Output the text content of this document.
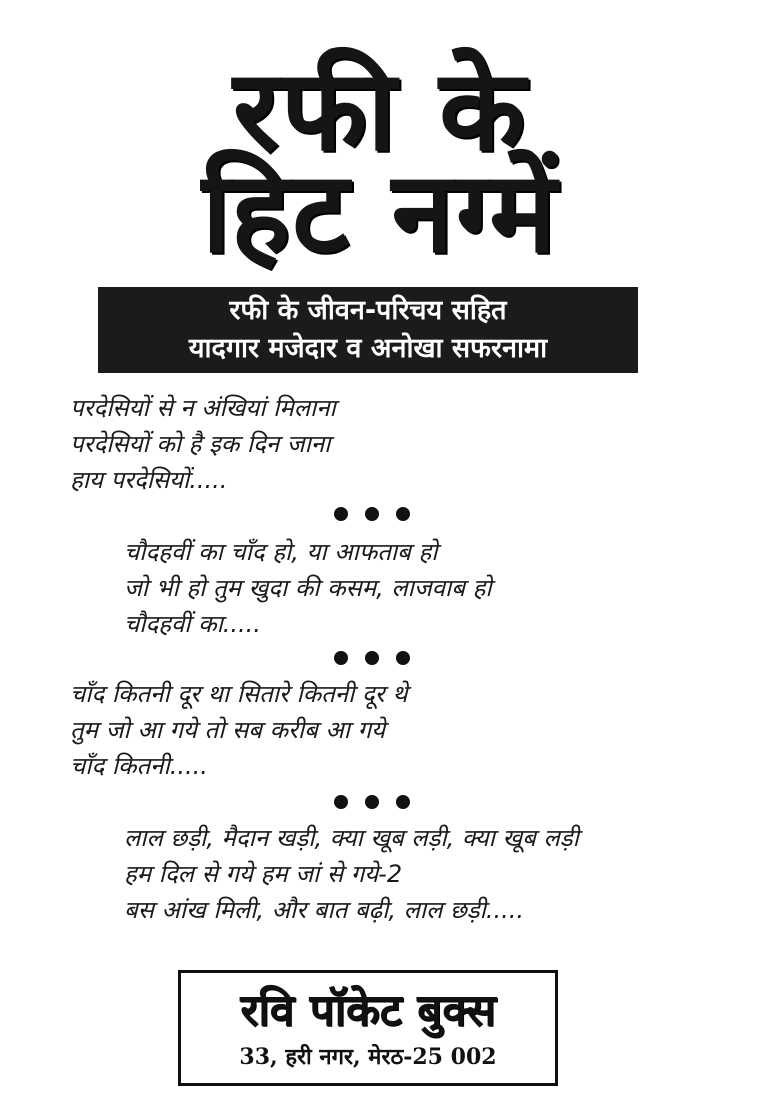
रफी के
हिट नग्में
रफी के जीवन-परिचय सहित
यादगार मजेदार व अनोखा सफरनामा
परदेसियों से न अंखियां मिलाना
परदेसियों को है इक दिन जाना
हाय परदेसियों.....
चौदहवीं का चाँद हो, या आफताब हो
जो भी हो तुम खुदा की कसम, लाजवाब हो
चौदहवीं का.....
चाँद कितनी दूर था सितारे कितनी दूर थे
तुम जो आ गये तो सब करीब आ गये
चाँद कितनी.....
लाल छड़ी, मैदान खड़ी, क्या खूब लड़ी, क्या खूब लड़ी
हम दिल से गये हम जां से गये-2
बस आंख मिली, और बात बढ़ी, लाल छड़ी.....
रवि पॉकेट बुक्स
33, हरी नगर, मेरठ-25 002
